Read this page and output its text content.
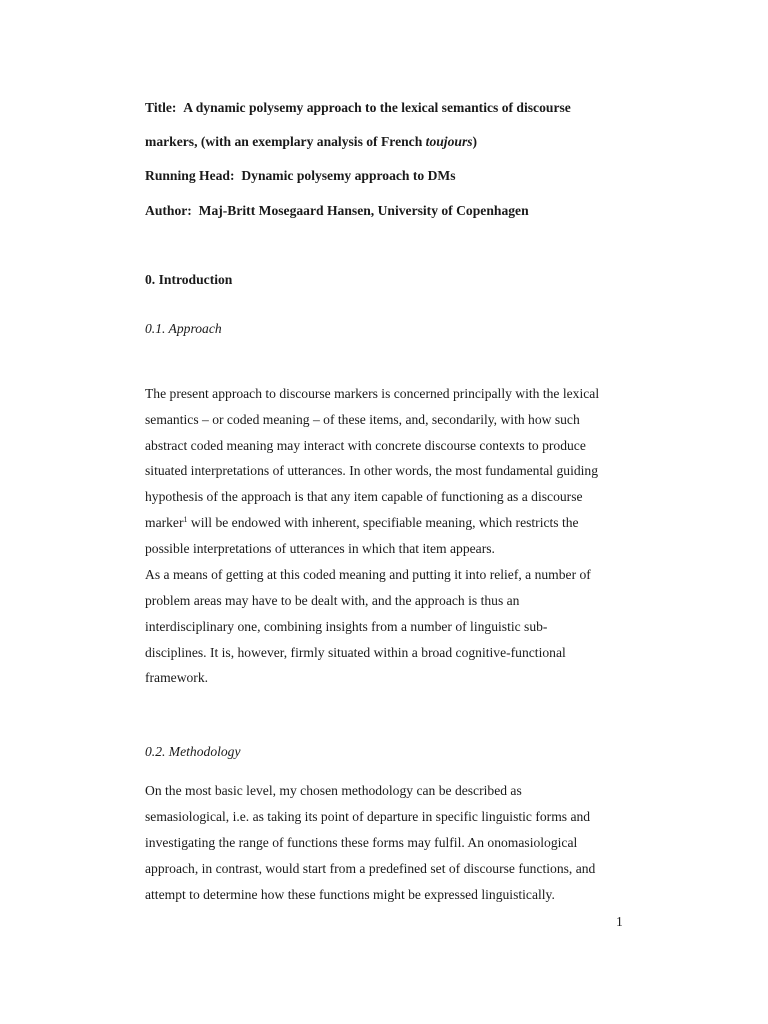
Title: A dynamic polysemy approach to the lexical semantics of discourse
markers, (with an exemplary analysis of French toujours)
Running Head: Dynamic polysemy approach to DMs
Author: Maj-Britt Mosegaard Hansen, University of Copenhagen
0. Introduction
0.1. Approach
The present approach to discourse markers is concerned principally with the lexical
semantics – or coded meaning – of these items, and, secondarily, with how such
abstract coded meaning may interact with concrete discourse contexts to produce
situated interpretations of utterances. In other words, the most fundamental guiding
hypothesis of the approach is that any item capable of functioning as a discourse
marker$^1$ will be endowed with inherent, specifiable meaning, which restricts the
possible interpretations of utterances in which that item appears.
As a means of getting at this coded meaning and putting it into relief, a number of
problem areas may have to be dealt with, and the approach is thus an
interdisciplinary one, combining insights from a number of linguistic sub-
disciplines. It is, however, firmly situated within a broad cognitive-functional
framework.
0.2. Methodology
On the most basic level, my chosen methodology can be described as
semasiological, i.e. as taking its point of departure in specific linguistic forms and
investigating the range of functions these forms may fulfil. An onomasiological
approach, in contrast, would start from a predefined set of discourse functions, and
attempt to determine how these functions might be expressed linguistically.
1
